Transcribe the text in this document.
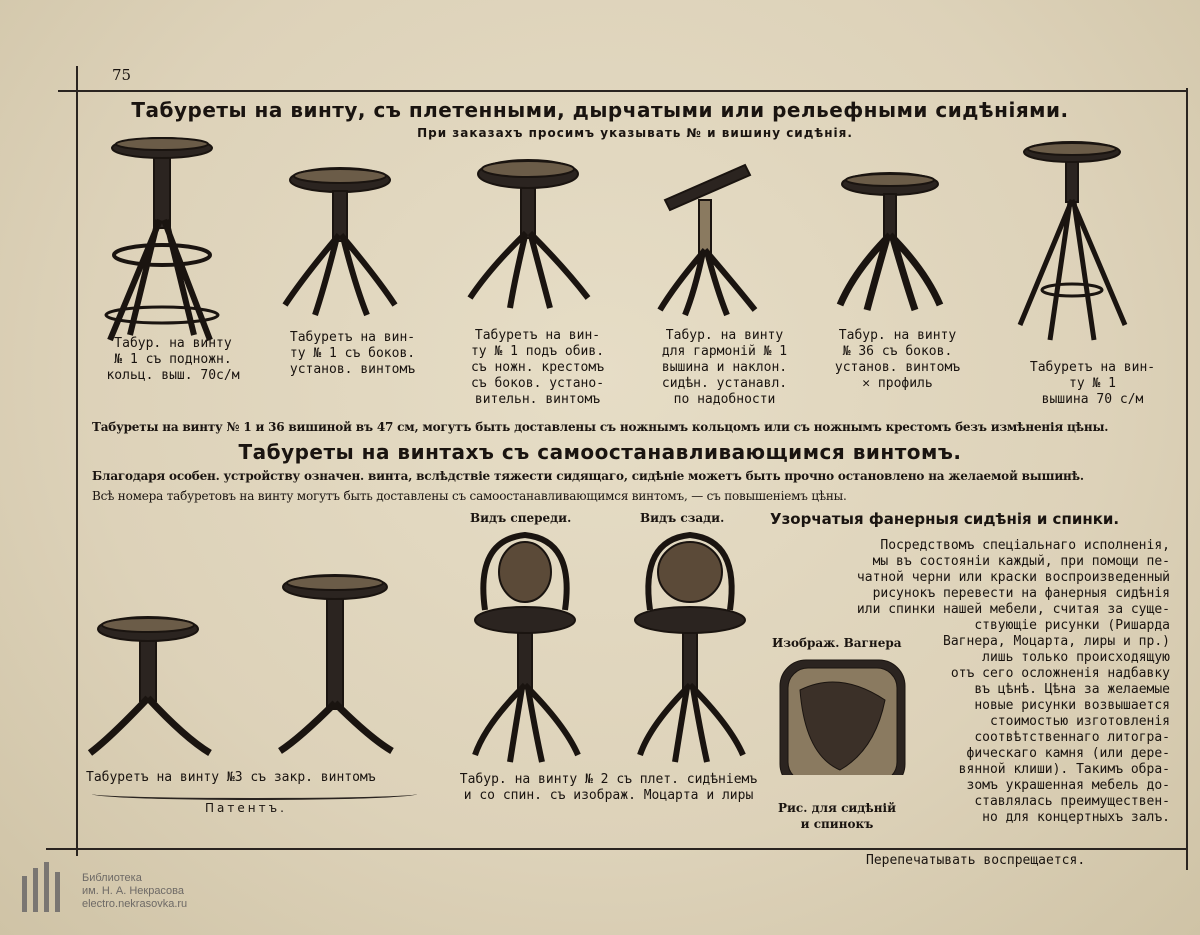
75
Табуреты на винту, съ плетенными, дырчатыми или рельефными сидѣніями.
При заказахъ просимъ указывать № и вишину сидѣнія.
Табур. на винту
№ 1 съ подножн.
кольц. выш. 70с/м
Табуретъ на вин-
ту № 1 съ боков.
установ. винтомъ
Табуретъ на вин-
ту № 1 подъ обив.
съ ножн. крестомъ
съ боков. устано-
вительн. винтомъ
Табур. на винту
для гармоній № 1
вышина и наклон.
сидѣн. устанавл.
по надобности
Табур. на винту
№ 36 съ боков.
установ. винтомъ
✕ профиль
Табуретъ на вин-
ту № 1
вышина 70 с/м
Табуреты на винту № 1 и 36 вишиной въ 47 см, могутъ быть доставлены съ ножнымъ кольцомъ или съ ножнымъ крестомъ безъ измѣненія цѣны.
Табуреты на винтахъ съ самоостанавливающимся винтомъ.
Благодаря особен. устройству означен. винта, вслѣдствіе тяжести сидящаго, сидѣніе можетъ быть прочно остановлено на желаемой вышинѣ.
Всѣ номера табуретовъ на винту могутъ быть доставлены съ самоостанавливающимся винтомъ, — съ повышеніемъ цѣны.
Видъ спереди.	Видъ сзади.	Узорчатыя фанерныя сидѣнія и спинки.
Посредствомъ спеціальнаго исполненія,
мы въ состояніи каждый, при помощи пе-
чатной черни или краски воспроизведенный
рисунокъ перевести на фанерныя сидѣнія
или спинки нашей мебели, считая за суще-
ствующіе рисунки (Ришарда
Вагнера, Моцарта, лиры и пр.)
лишь только происходящую
отъ сего осложненія надбавку
въ цѣнѣ. Цѣна за желаемые
новые рисунки возвышается
стоимостью изготовленія
соотвѣтственнаго литогра-
фическаго камня (или дере-
вянной клиши). Такимъ обра-
зомъ украшенная мебель до-
ставлялась преимуществен-
но для концертныхъ залъ.
Изображ. Вагнера
Табуретъ на винту №3 съ закр. винтомъ
Патентъ.
Табур. на винту № 2 съ плет. сидѣніемъ
и со спин. съ изображ. Моцарта и лиры
Рис. для сидѣній
и спинокъ
Перепечатывать воспрещается.
Библиотека
им. Н. А. Некрасова
electro.nekrasovka.ru
